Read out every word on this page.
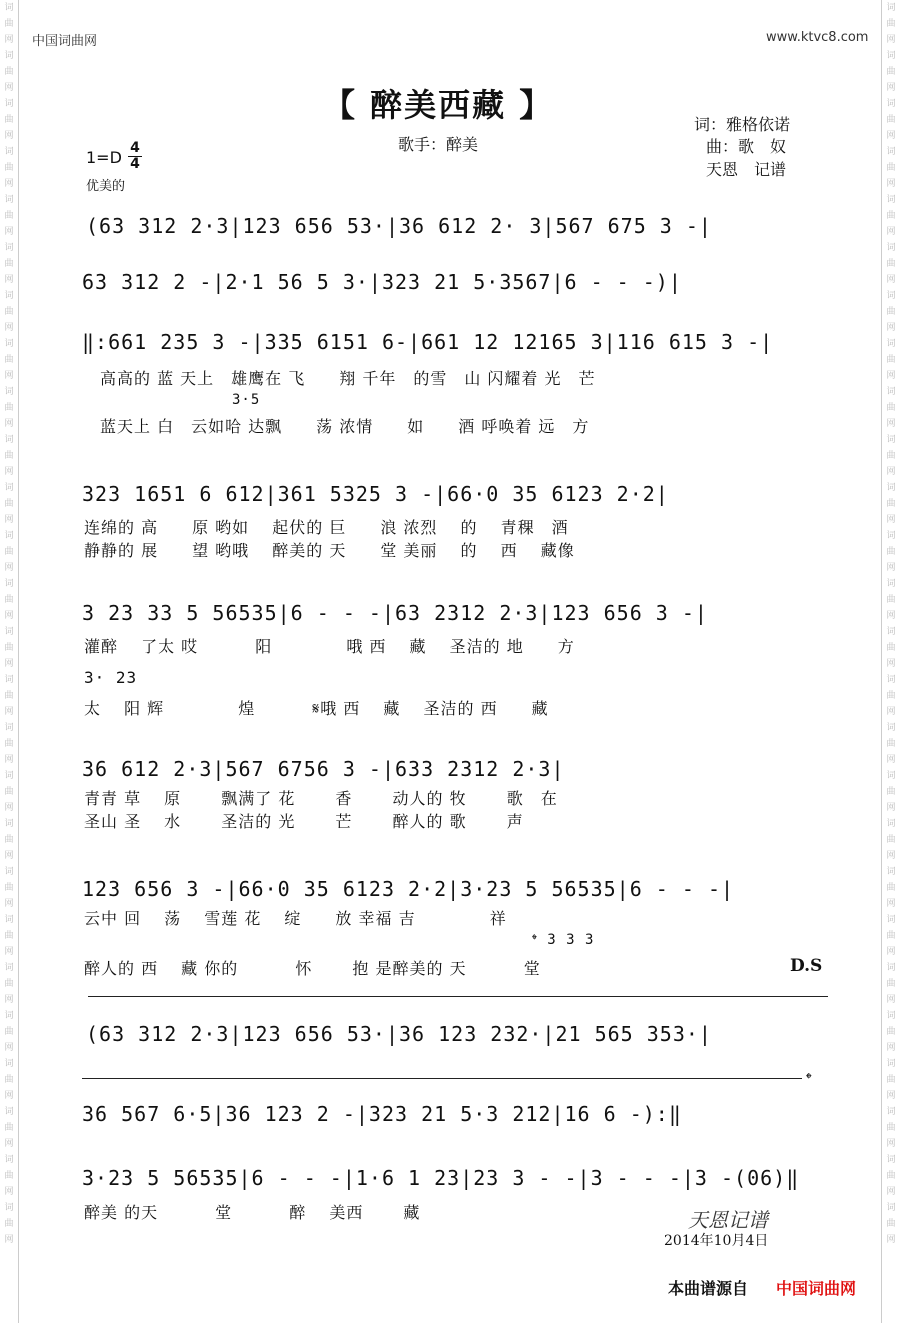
词曲网词曲网词曲网词曲网词曲网词曲网词曲网词曲网词曲网词曲网词曲网词曲网词曲网词曲网词曲网词曲网词曲网词曲网词曲网词曲网词曲网词曲网词曲网词曲网词曲网词曲网
词曲网词曲网词曲网词曲网词曲网词曲网词曲网词曲网词曲网词曲网词曲网词曲网词曲网词曲网词曲网词曲网词曲网词曲网词曲网词曲网词曲网词曲网词曲网词曲网词曲网词曲网
中国词曲网	www.ktvc8.com
【 醉美西藏 】
歌手：醉美
词：雅格依诺
曲：歌　奴
天恩　记谱
1=D 4
4
优美的
(63 312 2·3|123 656 53·|36 612 2· 3|567 675 3 -|
63 312 2 -|2·1 56 5 3·|323 21 5·3567|6 - - -)|
‖:661 235 3 -|335 6151 6-|661 12 12165 3|116 615 3 -|
高高的 蓝 天上　雄鹰在 飞　　翔 千年　的雪　山 闪耀着 光　芒
3·5
蓝天上 白　云如哈 达飘　　荡 浓情　　如　　酒 呼唤着 远　方
323 1651 6 612|361 5325 3 -|66·0 35 6123 2·2|
连绵的 高　　原 哟如　 起伏的 巨　　浪 浓烈　 的　 青稞　酒
静静的 展　　望 哟哦　 醉美的 天　　堂 美丽　 的　 西　 藏像
3 23 33 5 56535|6 - - -|63 2312 2·3|123 656 3 -|
灌醉　 了太 哎　　　 阳　　　　 哦 西　 藏　 圣洁的 地　　方
3· 23
太　 阳 辉　　　　 煌　　　 𝄋哦 西　 藏　 圣洁的 西　　藏
36 612 2·3|567 6756 3 -|633 2312 2·3|
青青 草　 原　　 飘满了 花　　 香　　 动人的 牧　　 歌　在
圣山 圣　 水　　 圣洁的 光　　 芒　　 醉人的 歌　　 声
123 656 3 -|66·0 35 6123 2·2|3·23 5 56535|6 - - -|
云中 回　 荡　 雪莲 花　 绽　　放 幸福 吉　　　　 祥
𝄌 3 3 3
醉人的 西　 藏 你的　　　 怀　　 抱 是醉美的 天　　　 堂	D.S
(63 312 2·3|123 656 53·|36 123 232·|21 565 353·|
𝄌
36 567 6·5|36 123 2 -|323 21 5·3 212|16 6 -):‖
3·23 5 56535|6 - - -|1·6 1 23|23 3 - -|3 - - -|3 -(06)‖
醉美 的天　　　 堂　　　 醉　 美西　　 藏	天恩记谱
2014年10月4日
本曲谱源自 中国词曲网
